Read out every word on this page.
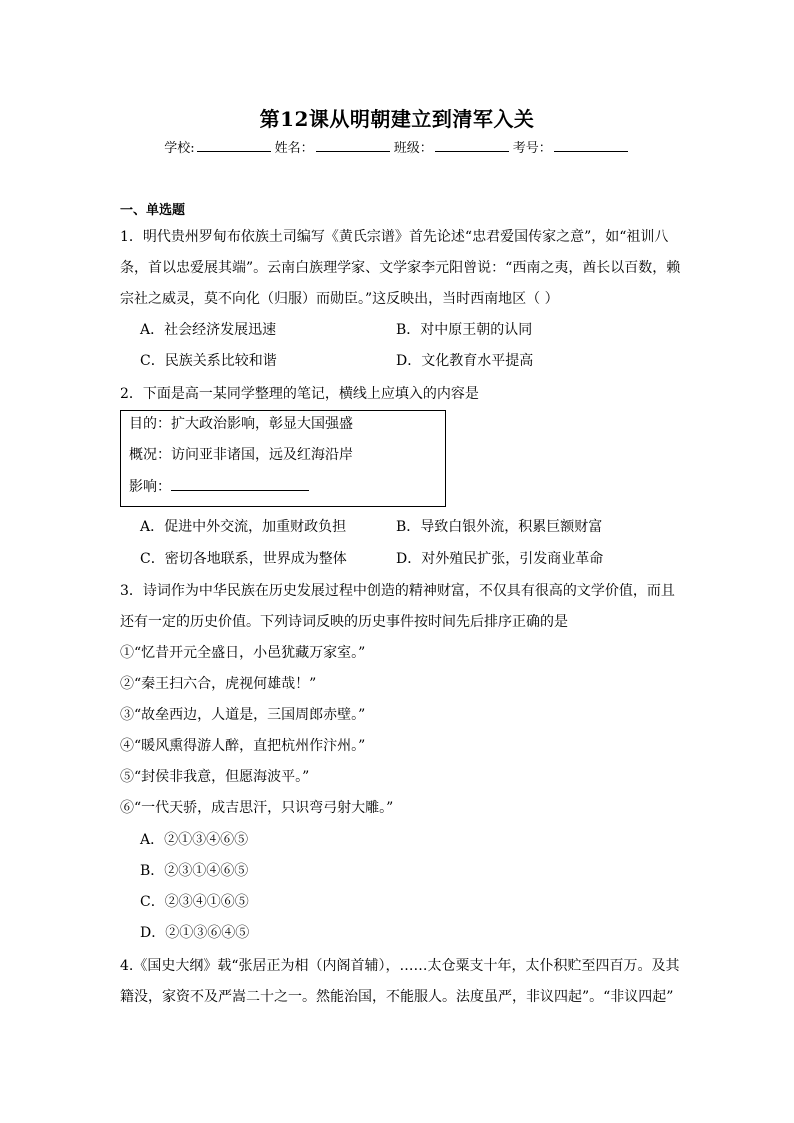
第12课从明朝建立到清军入关
学校:	姓名：	班级：	考号：
一、单选题
1．明代贵州罗甸布依族土司编写《黄氏宗谱》首先论述“忠君爱国传家之意”，如“祖训八
条，首以忠爱展其端”。云南白族理学家、文学家李元阳曾说：“西南之夷，酋长以百数，赖
宗社之威灵，莫不向化（归服）而勋臣。”这反映出，当时西南地区（ ）
A．社会经济发展迅速	B．对中原王朝的认同
C．民族关系比较和谐	D．文化教育水平提高
2．下面是高一某同学整理的笔记，横线上应填入的内容是
目的：扩大政治影响，彰显大国强盛
概况：访问亚非诸国，远及红海沿岸
影响：
A．促进中外交流，加重财政负担	B．导致白银外流，积累巨额财富
C．密切各地联系，世界成为整体	D．对外殖民扩张，引发商业革命
3．诗词作为中华民族在历史发展过程中创造的精神财富，不仅具有很高的文学价值，而且
还有一定的历史价值。下列诗词反映的历史事件按时间先后排序正确的是
①“忆昔开元全盛日，小邑犹藏万家室。”
②“秦王扫六合，虎视何雄哉！”
③“故垒西边，人道是，三国周郎赤壁。”
④“暖风熏得游人醉，直把杭州作汴州。”
⑤“封侯非我意，但愿海波平。”
⑥“一代天骄，成吉思汗，只识弯弓射大雕。”
A．②①③④⑥⑤
B．②③①④⑥⑤
C．②③④①⑥⑤
D．②①③⑥④⑤
4.《国史大纲》载“张居正为相（内阁首辅），……太仓粟支十年，太仆积贮至四百万。及其
籍没，家资不及严嵩二十之一。然能治国，不能服人。法度虽严，非议四起”。“非议四起”
